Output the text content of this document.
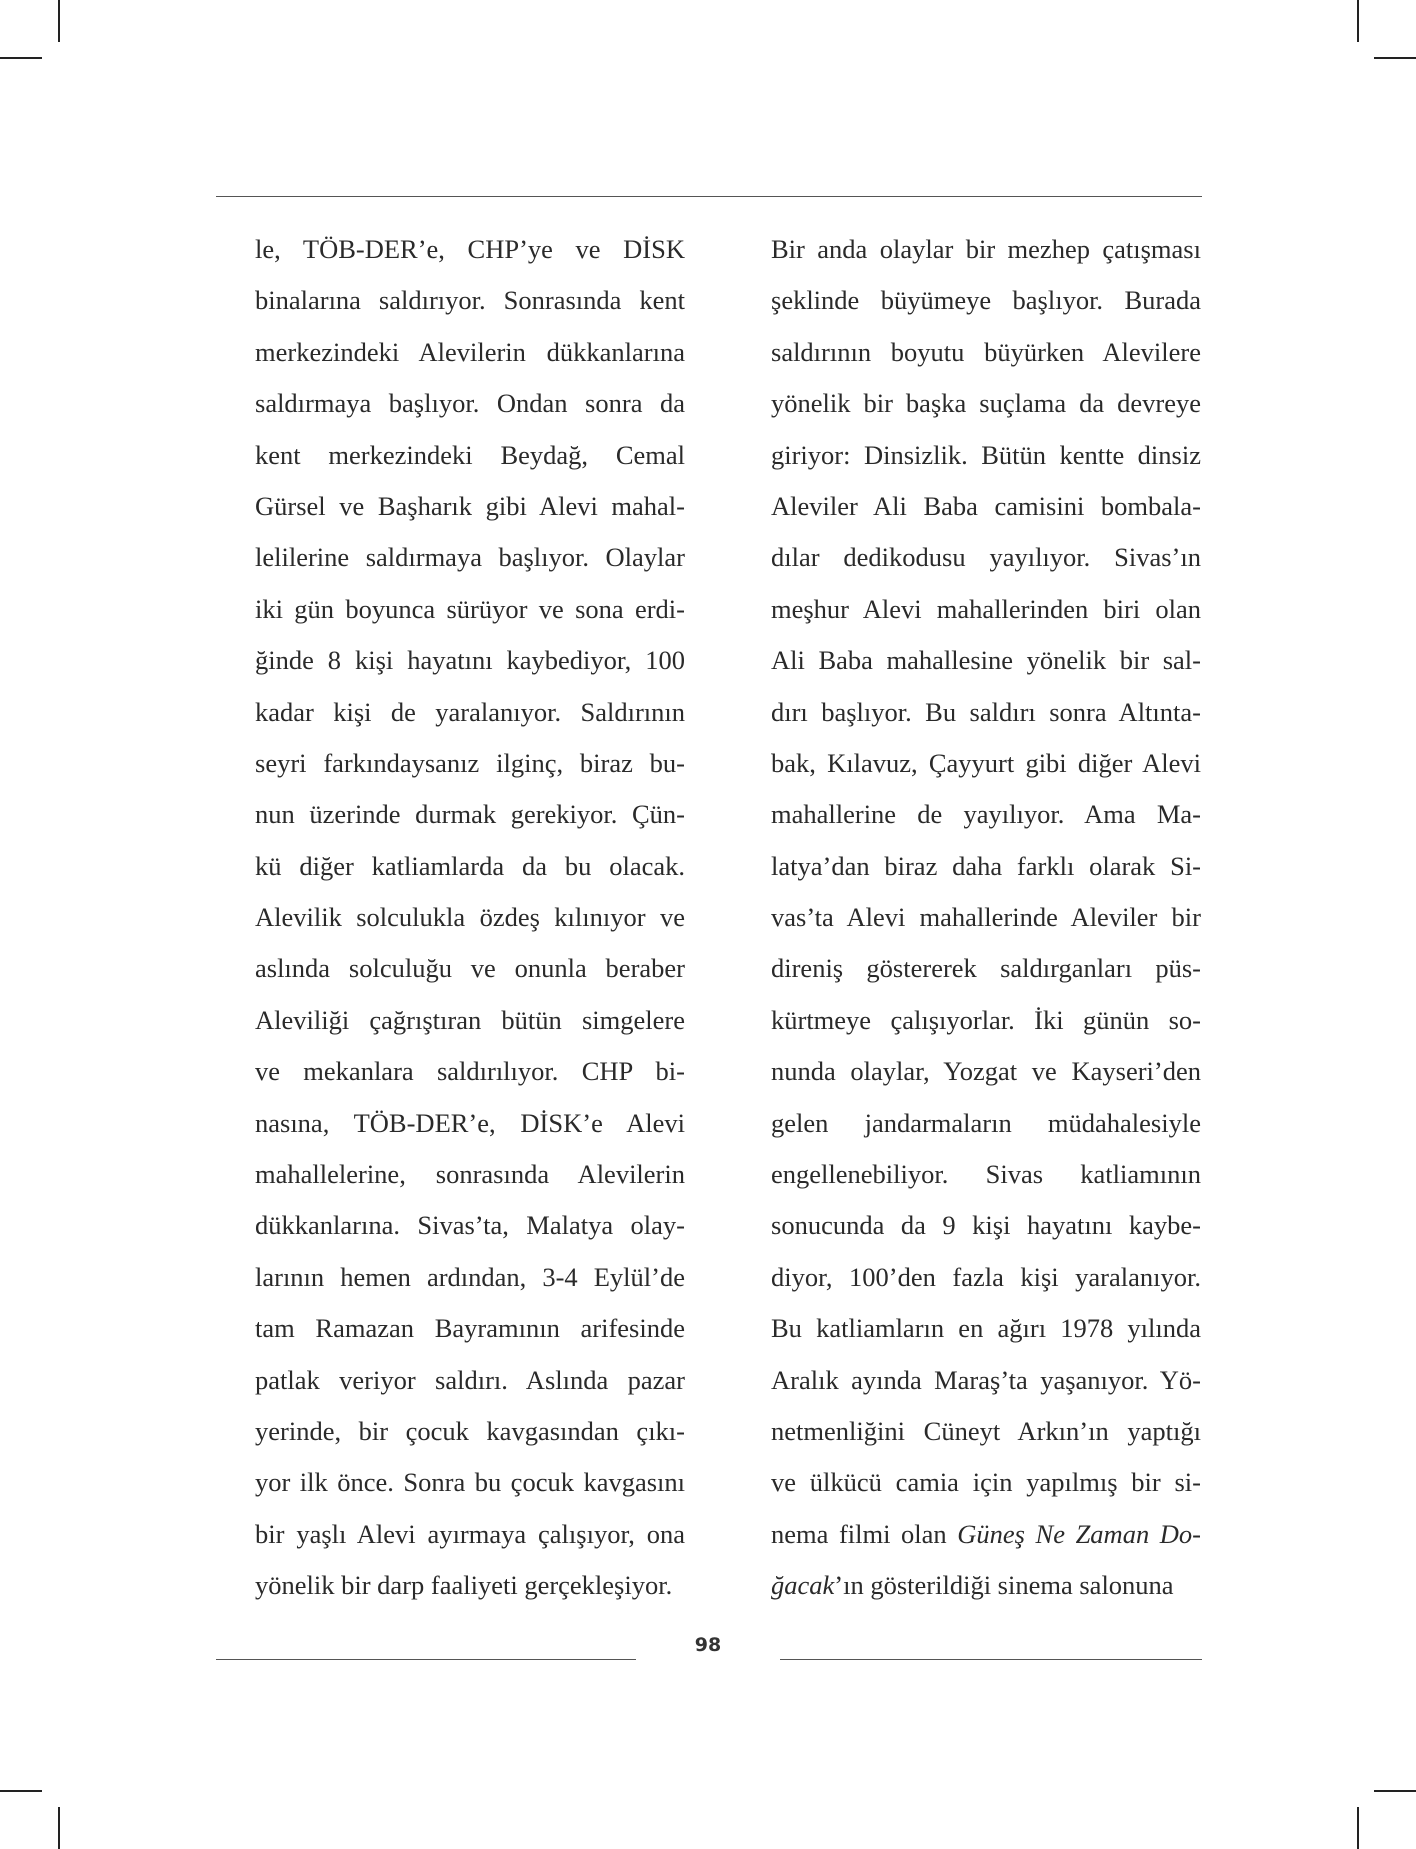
le, TÖB-DER’e, CHP’ye ve DİSK
binalarına saldırıyor. Sonrasında kent
merkezindeki Alevilerin dükkanlarına
saldırmaya başlıyor. Ondan sonra da
kent merkezindeki Beydağ, Cemal
Gürsel ve Başharık gibi Alevi mahal-
lelilerine saldırmaya başlıyor. Olaylar
iki gün boyunca sürüyor ve sona erdi-
ğinde 8 kişi hayatını kaybediyor, 100
kadar kişi de yaralanıyor. Saldırının
seyri farkındaysanız ilginç, biraz bu-
nun üzerinde durmak gerekiyor. Çün-
kü diğer katliamlarda da bu olacak.
Alevilik solculukla özdeş kılınıyor ve
aslında solculuğu ve onunla beraber
Aleviliği çağrıştıran bütün simgelere
ve mekanlara saldırılıyor. CHP bi-
nasına, TÖB-DER’e, DİSK’e Alevi
mahallelerine, sonrasında Alevilerin
dükkanlarına. Sivas’ta, Malatya olay-
larının hemen ardından, 3-4 Eylül’de
tam Ramazan Bayramının arifesinde
patlak veriyor saldırı. Aslında pazar
yerinde, bir çocuk kavgasından çıkı-
yor ilk önce. Sonra bu çocuk kavgasını
bir yaşlı Alevi ayırmaya çalışıyor, ona
yönelik bir darp faaliyeti gerçekleşiyor.
Bir anda olaylar bir mezhep çatışması
şeklinde büyümeye başlıyor. Burada
saldırının boyutu büyürken Alevilere
yönelik bir başka suçlama da devreye
giriyor: Dinsizlik. Bütün kentte dinsiz
Aleviler Ali Baba camisini bombala-
dılar dedikodusu yayılıyor. Sivas’ın
meşhur Alevi mahallerinden biri olan
Ali Baba mahallesine yönelik bir sal-
dırı başlıyor. Bu saldırı sonra Altınta-
bak, Kılavuz, Çayyurt gibi diğer Alevi
mahallerine de yayılıyor. Ama Ma-
latya’dan biraz daha farklı olarak Si-
vas’ta Alevi mahallerinde Aleviler bir
direniş göstererek saldırganları püs-
kürtmeye çalışıyorlar. İki günün so-
nunda olaylar, Yozgat ve Kayseri’den
gelen jandarmaların müdahalesiyle
engellenebiliyor. Sivas katliamının
sonucunda da 9 kişi hayatını kaybe-
diyor, 100’den fazla kişi yaralanıyor.
Bu katliamların en ağırı 1978 yılında
Aralık ayında Maraş’ta yaşanıyor. Yö-
netmenliğini Cüneyt Arkın’ın yaptığı
ve ülkücü camia için yapılmış bir si-
nema filmi olan Güneş Ne Zaman Do-
ğacak’ın gösterildiği sinema salonuna
98
